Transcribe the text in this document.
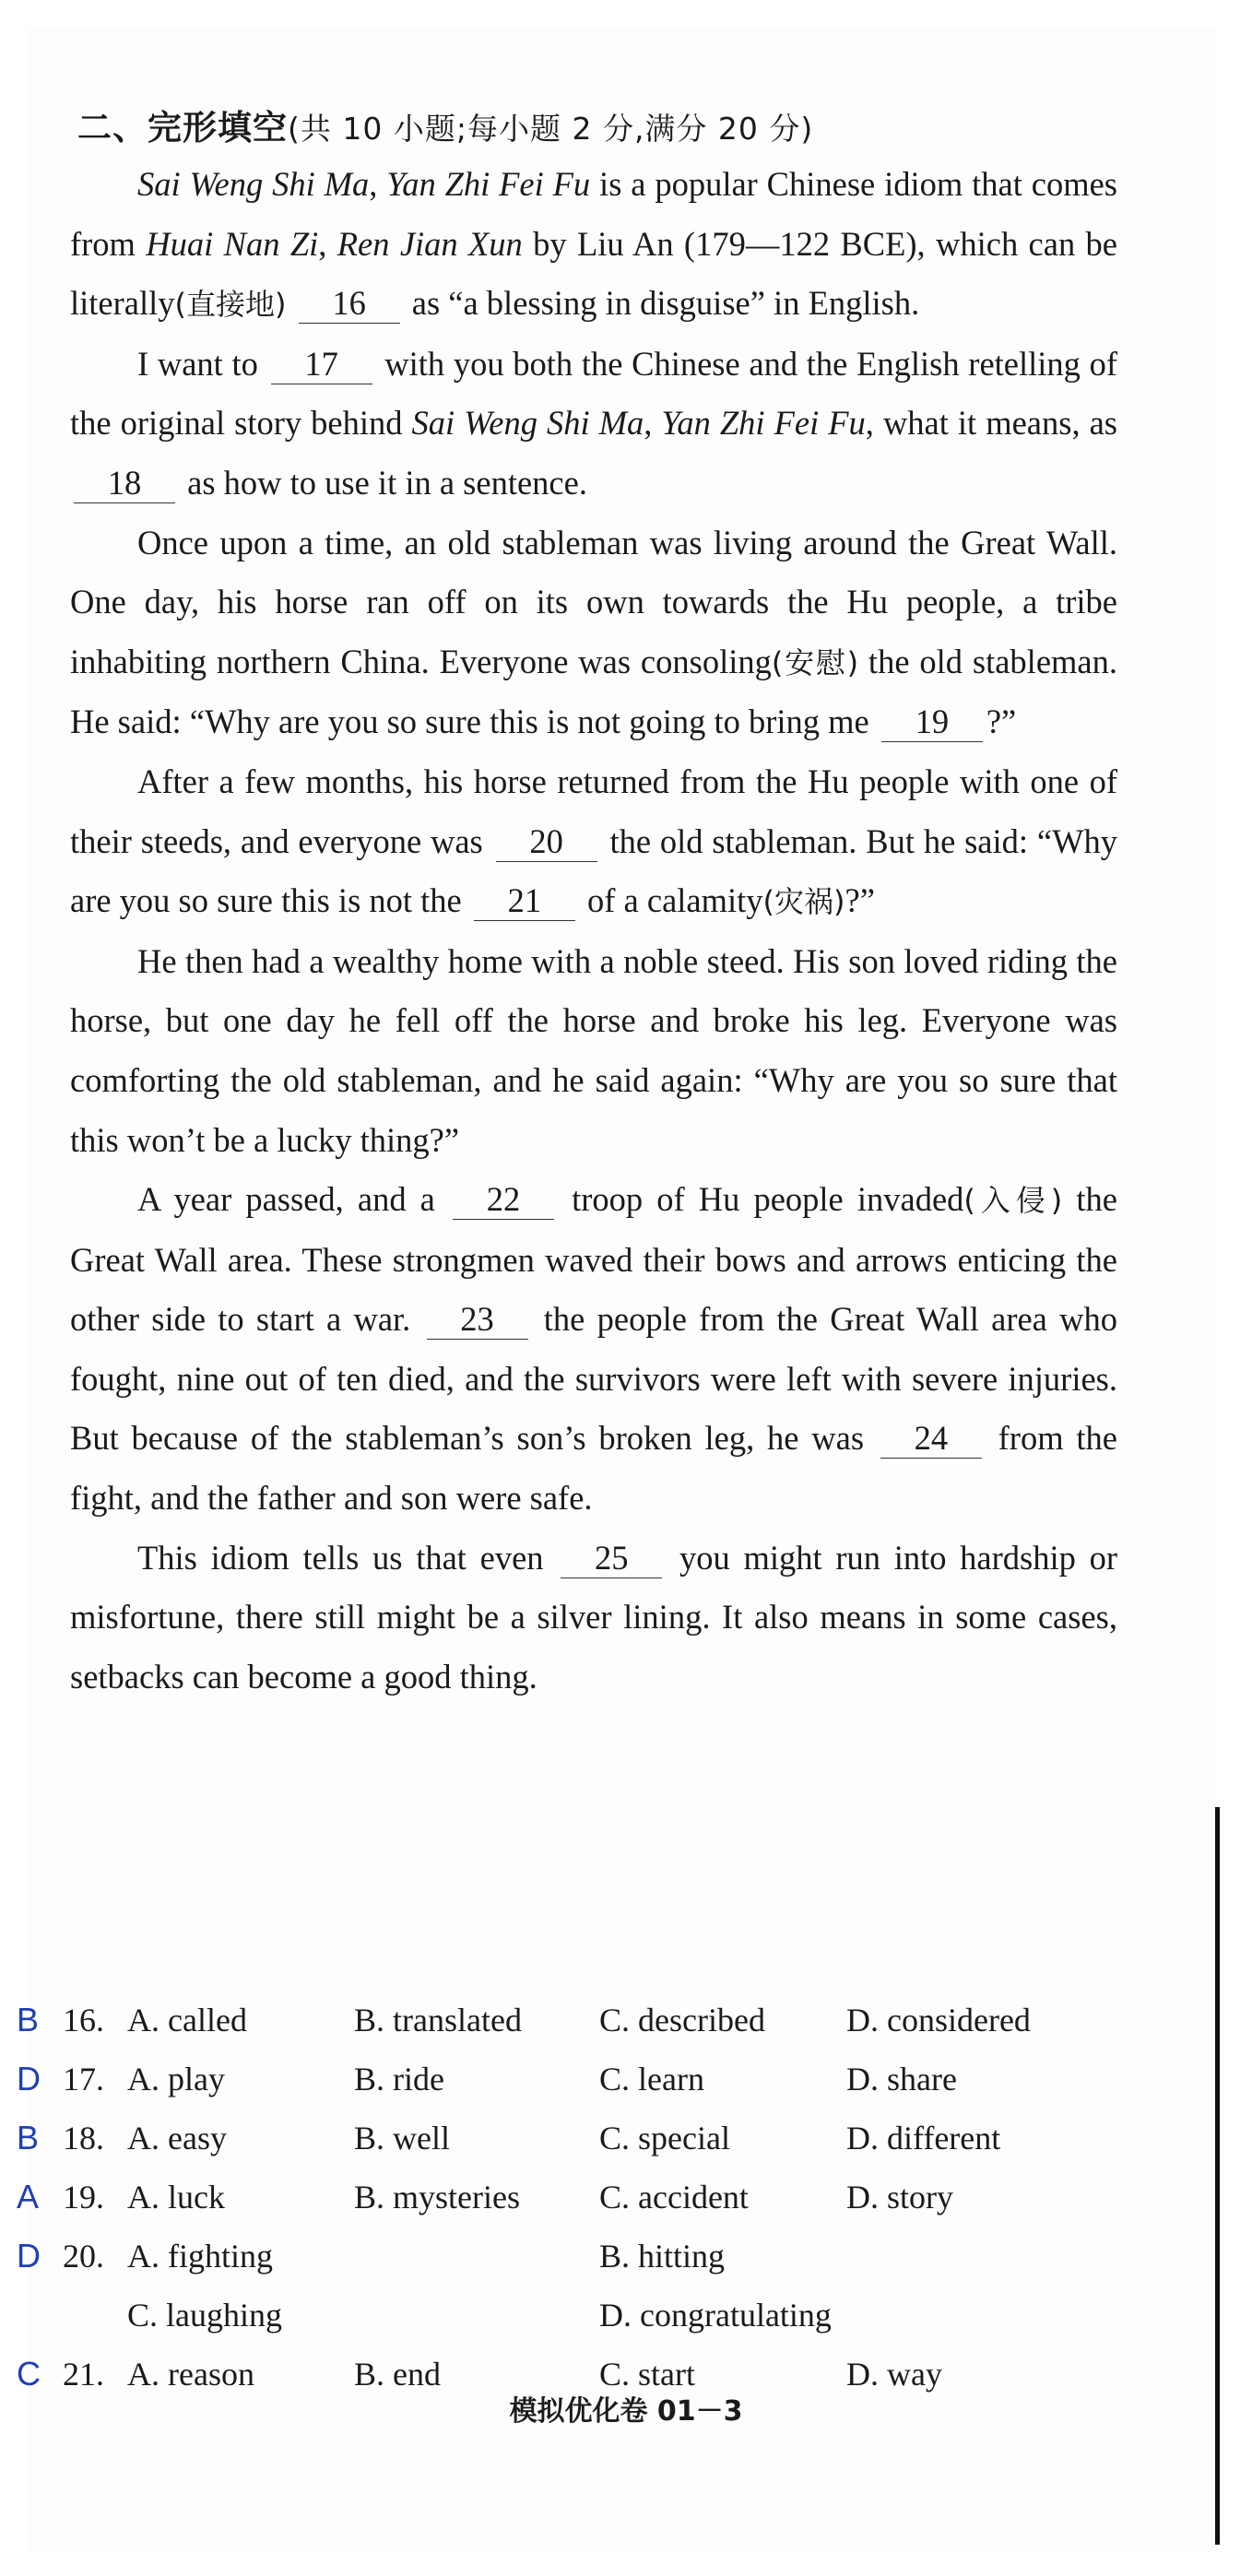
二、完形填空(共 10 小题;每小题 2 分,满分 20 分)

Sai Weng Shi Ma, Yan Zhi Fei Fu is a popular Chinese idiom that comes from Huai Nan Zi, Ren Jian Xun by Liu An (179—122 BCE), which can be literally(直接地) 16 as “a blessing in disguise” in English.

I want to 17 with you both the Chinese and the English retelling of the original story behind Sai Weng Shi Ma, Yan Zhi Fei Fu, what it means, as 18 as how to use it in a sentence.

Once upon a time, an old stableman was living around the Great Wall. One day, his horse ran off on its own towards the Hu people, a tribe inhabiting northern China. Everyone was consoling(安慰) the old stableman. He said: “Why are you so sure this is not going to bring me 19 ?”

After a few months, his horse returned from the Hu people with one of their steeds, and everyone was 20 the old stableman. But he said: “Why are you so sure this is not the 21 of a calamity(灾祸)?”

He then had a wealthy home with a noble steed. His son loved riding the horse, but one day he fell off the horse and broke his leg. Everyone was comforting the old stableman, and he said again: “Why are you so sure that this won’t be a lucky thing?”

A year passed, and a 22 troop of Hu people invaded(入侵) the Great Wall area. These strongmen waved their bows and arrows enticing the other side to start a war. 23 the people from the Great Wall area who fought, nine out of ten died, and the survivors were left with severe injuries. But because of the stableman’s son’s broken leg, he was 24 from the fight, and the father and son were safe.

This idiom tells us that even 25 you might run into hardship or misfortune, there still might be a silver lining. It also means in some cases, setbacks can become a good thing.

B 16. A. called	B. translated C. described D. considered
D 17. A. play	B. ride	C. learn	D. share
B 18. A. easy	B. well	C. special	D. different
A 19. A. luck	B. mysteries C. accident	D. story
D 20. A. fighting	B. hitting
C. laughing	D. congratulating
C 21. A. reason	B. end	C. start	D. way
模拟优化卷 01－3
